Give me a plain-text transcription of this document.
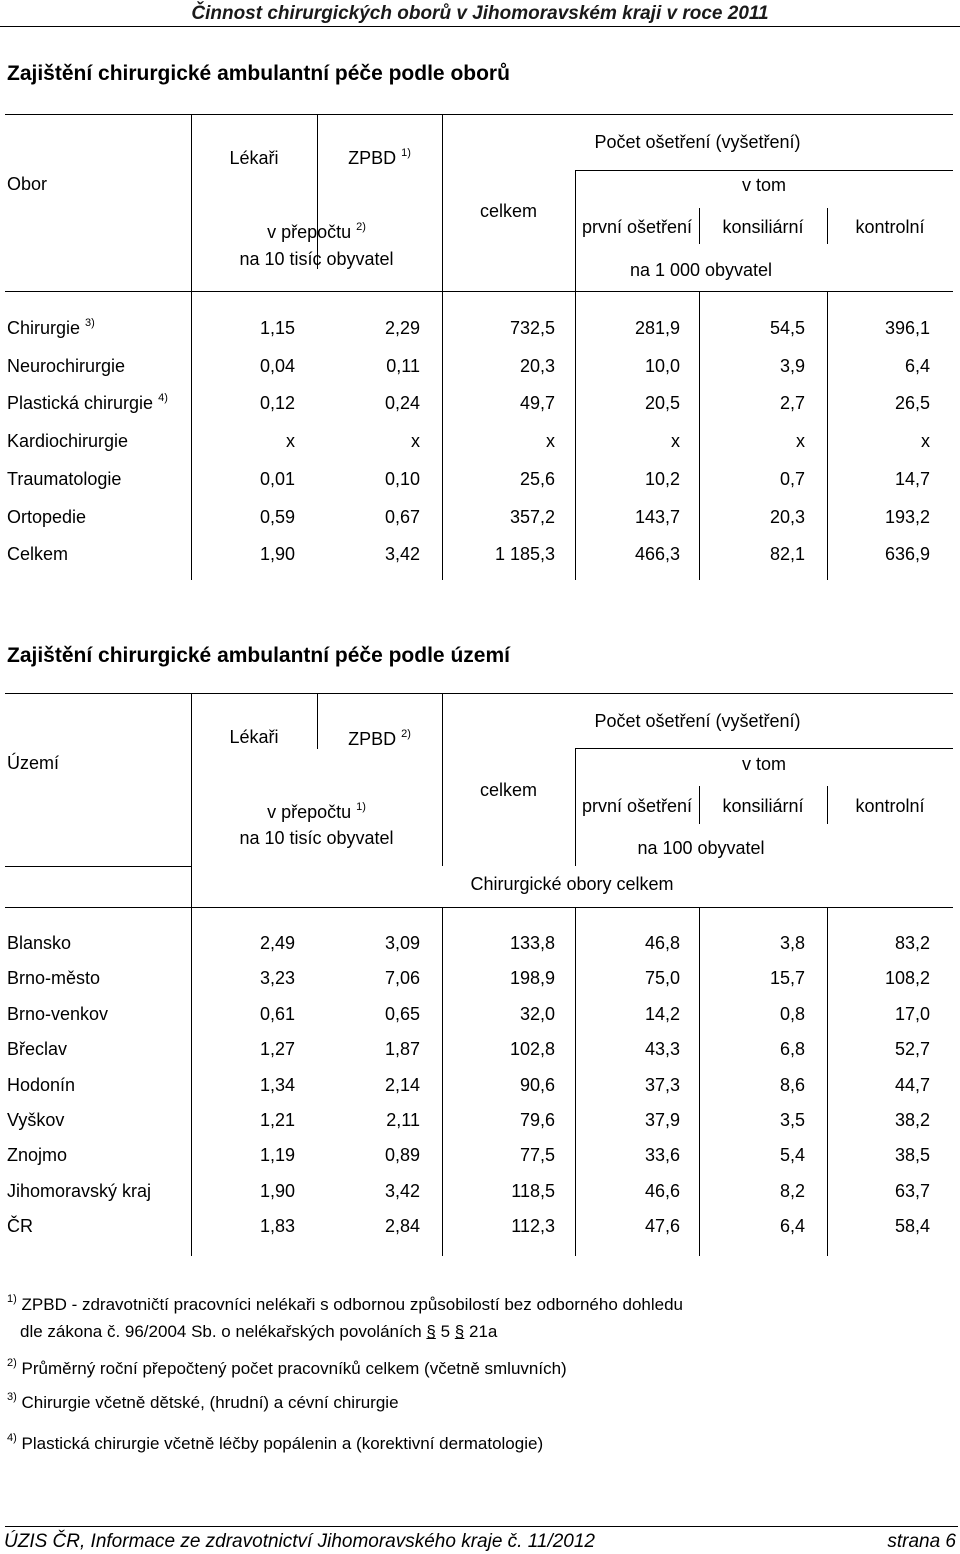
Činnost chirurgických oborů v Jihomoravském kraji v roce 2011
Zajištění chirurgické ambulantní péče podle oborů
Obor
Lékaři	ZPBD $^{1)}$
v přepočtu $^{2)}$
na 10 tisíc obyvatel
Počet ošetření (vyšetření)
celkem
v tom
první ošetření	konsiliární	kontrolní
na 1 000 obyvatel
Chirurgie $^{3)}$	1,15	2,29	732,5	281,9	54,5	396,1
Neurochirurgie	0,04	0,11	20,3	10,0	3,9	6,4
Plastická chirurgie $^{4)}$	0,12	0,24	49,7	20,5	2,7	26,5
Kardiochirurgie	x	x	x	x	x	x
Traumatologie	0,01	0,10	25,6	10,2	0,7	14,7
Ortopedie	0,59	0,67	357,2	143,7	20,3	193,2
Celkem	1,90	3,42	1 185,3	466,3	82,1	636,9
Zajištění chirurgické ambulantní péče podle území
Území
Lékaři	ZPBD $^{2)}$
v přepočtu $^{1)}$
na 10 tisíc obyvatel
Počet ošetření (vyšetření)
celkem
v tom
první ošetření	konsiliární	kontrolní
na 100 obyvatel
Chirurgické obory celkem
Blansko	2,49	3,09	133,8	46,8	3,8	83,2
Brno-město	3,23	7,06	198,9	75,0	15,7	108,2
Brno-venkov	0,61	0,65	32,0	14,2	0,8	17,0
Břeclav	1,27	1,87	102,8	43,3	6,8	52,7
Hodonín	1,34	2,14	90,6	37,3	8,6	44,7
Vyškov	1,21	2,11	79,6	37,9	3,5	38,2
Znojmo	1,19	0,89	77,5	33,6	5,4	38,5
Jihomoravský kraj	1,90	3,42	118,5	46,6	8,2	63,7
ČR	1,83	2,84	112,3	47,6	6,4	58,4
$^{1)}$ ZPBD - zdravotničtí pracovníci nelékaři s odbornou způsobilostí bez odborného dohledu
dle zákona č. 96/2004 Sb. o nelékařských povoláních § 5 § 21a
$^{2)}$ Průměrný roční přepočtený počet pracovníků celkem (včetně smluvních)
$^{3)}$ Chirurgie včetně dětské, (hrudní) a cévní chirurgie
$^{4)}$ Plastická chirurgie včetně léčby popálenin a (korektivní dermatologie)
ÚZIS ČR, Informace ze zdravotnictví Jihomoravského kraje č. 11/2012	strana 6
